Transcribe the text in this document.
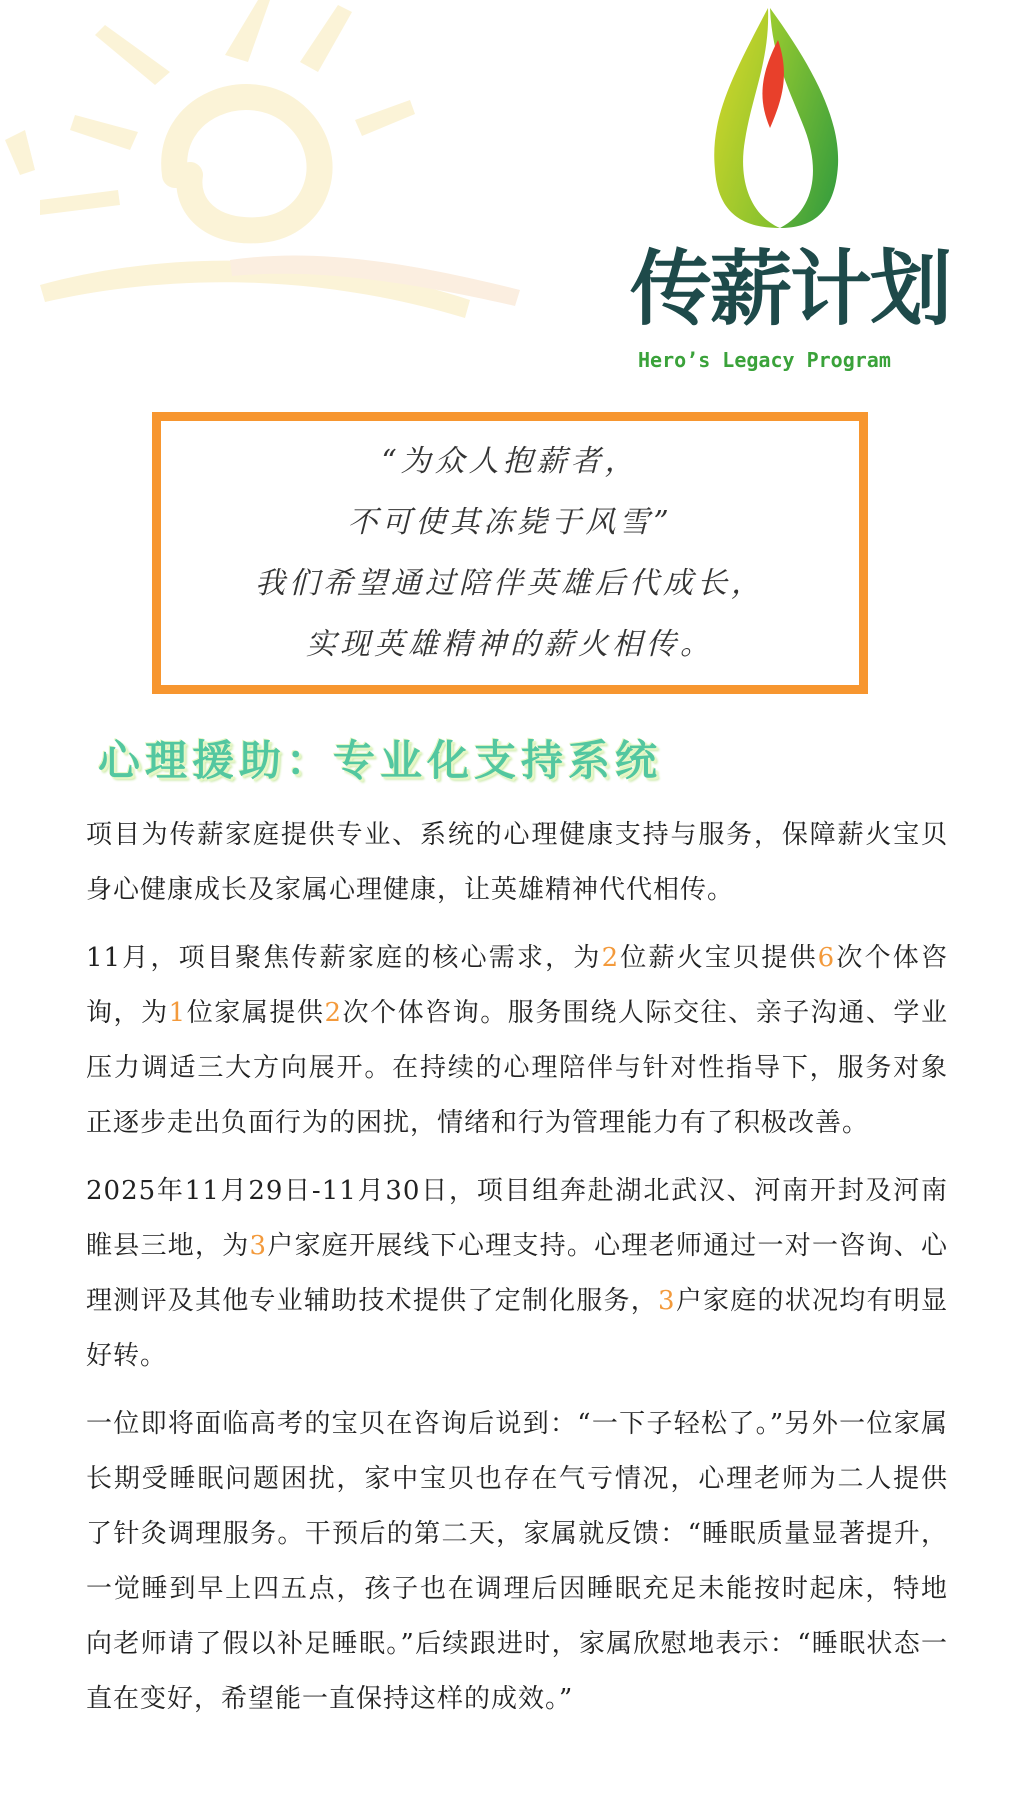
传薪计划
Hero’s Legacy Program
“为众人抱薪者，
不可使其冻毙于风雪”
我们希望通过陪伴英雄后代成长，
实现英雄精神的薪火相传。
心理援助：专业化支持系统

项目为传薪家庭提供专业、系统的心理健康支持与服务，保障薪火宝贝身心健康成长及家属心理健康，让英雄精神代代相传。

11月，项目聚焦传薪家庭的核心需求，为2位薪火宝贝提供6次个体咨询，为1位家属提供2次个体咨询。服务围绕人际交往、亲子沟通、学业压力调适三大方向展开。在持续的心理陪伴与针对性指导下，服务对象正逐步走出负面行为的困扰，情绪和行为管理能力有了积极改善。

2025年11月29日-11月30日，项目组奔赴湖北武汉、河南开封及河南睢县三地，为3户家庭开展线下心理支持。心理老师通过一对一咨询、心理测评及其他专业辅助技术提供了定制化服务，3户家庭的状况均有明显好转。

一位即将面临高考的宝贝在咨询后说到：“一下子轻松了。”另外一位家属长期受睡眠问题困扰，家中宝贝也存在气亏情况，心理老师为二人提供了针灸调理服务。干预后的第二天，家属就反馈：“睡眠质量显著提升，一觉睡到早上四五点，孩子也在调理后因睡眠充足未能按时起床，特地向老师请了假以补足睡眠。”后续跟进时，家属欣慰地表示：“睡眠状态一直在变好，希望能一直保持这样的成效。”
